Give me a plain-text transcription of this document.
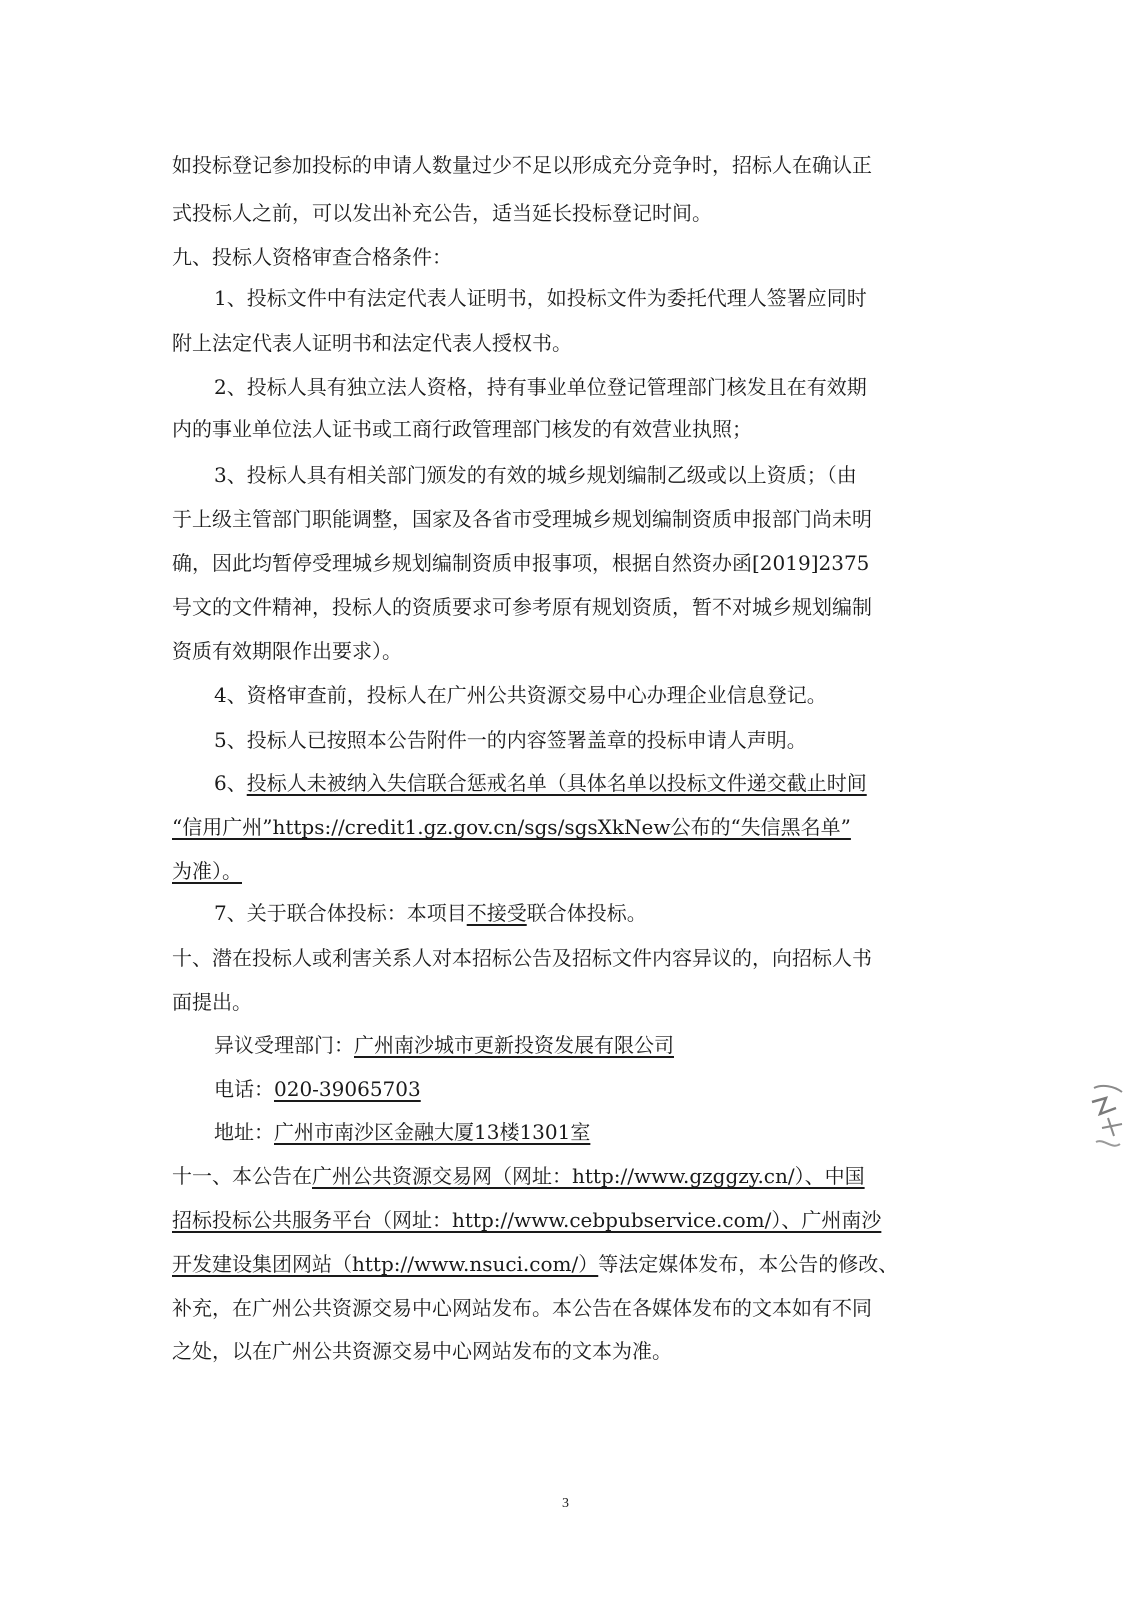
如投标登记参加投标的申请人数量过少不足以形成充分竞争时，招标人在确认正
式投标人之前，可以发出补充公告，适当延长投标登记时间。
九、投标人资格审查合格条件：
1、投标文件中有法定代表人证明书，如投标文件为委托代理人签署应同时
附上法定代表人证明书和法定代表人授权书。
2、投标人具有独立法人资格，持有事业单位登记管理部门核发且在有效期
内的事业单位法人证书或工商行政管理部门核发的有效营业执照；
3、投标人具有相关部门颁发的有效的城乡规划编制乙级或以上资质；（由
于上级主管部门职能调整，国家及各省市受理城乡规划编制资质申报部门尚未明
确，因此均暂停受理城乡规划编制资质申报事项，根据自然资办函[2019]2375
号文的文件精神，投标人的资质要求可参考原有规划资质，暂不对城乡规划编制
资质有效期限作出要求）。
4、资格审查前，投标人在广州公共资源交易中心办理企业信息登记。
5、投标人已按照本公告附件一的内容签署盖章的投标申请人声明。
6、投标人未被纳入失信联合惩戒名单（具体名单以投标文件递交截止时间
“信用广州”https://credit1.gz.gov.cn/sgs/sgsXkNew公布的“失信黑名单”
为准）。
7、关于联合体投标：本项目不接受联合体投标。
十、潜在投标人或利害关系人对本招标公告及招标文件内容异议的，向招标人书
面提出。
异议受理部门：广州南沙城市更新投资发展有限公司
电话：020-39065703
地址：广州市南沙区金融大厦13楼1301室
十一、本公告在广州公共资源交易网（网址：http://www.gzggzy.cn/）、中国
招标投标公共服务平台（网址：http://www.cebpubservice.com/）、广州南沙
开发建设集团网站（http://www.nsuci.com/）等法定媒体发布，本公告的修改、
补充，在广州公共资源交易中心网站发布。本公告在各媒体发布的文本如有不同
之处，以在广州公共资源交易中心网站发布的文本为准。
3
